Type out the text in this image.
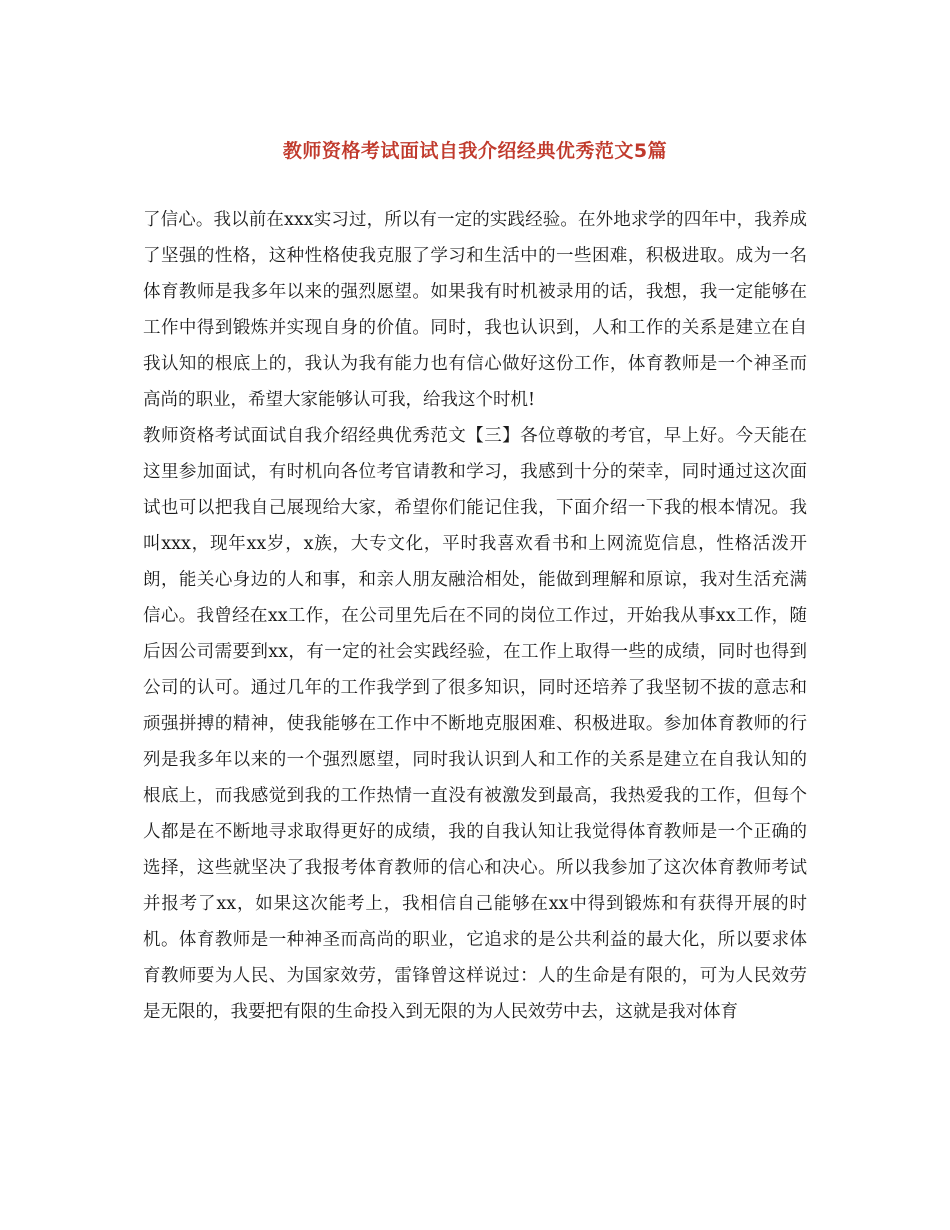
教师资格考试面试自我介绍经典优秀范文5篇

了信心。我以前在xxx实习过，所以有一定的实践经验。在外地求学的四年中，我养成了坚强的性格，这种性格使我克服了学习和生活中的一些困难，积极进取。成为一名体育教师是我多年以来的强烈愿望。如果我有时机被录用的话，我想，我一定能够在工作中得到锻炼并实现自身的价值。同时，我也认识到，人和工作的关系是建立在自我认知的根底上的，我认为我有能力也有信心做好这份工作，体育教师是一个神圣而高尚的职业，希望大家能够认可我，给我这个时机!
教师资格考试面试自我介绍经典优秀范文【三】各位尊敬的考官，早上好。今天能在这里参加面试，有时机向各位考官请教和学习，我感到十分的荣幸，同时通过这次面试也可以把我自己展现给大家，希望你们能记住我，下面介绍一下我的根本情况。我叫xxx，现年xx岁，x族，大专文化，平时我喜欢看书和上网流览信息，性格活泼开朗，能关心身边的人和事，和亲人朋友融洽相处，能做到理解和原谅，我对生活充满信心。我曾经在xx工作，在公司里先后在不同的岗位工作过，开始我从事xx工作，随后因公司需要到xx，有一定的社会实践经验，在工作上取得一些的成绩，同时也得到公司的认可。通过几年的工作我学到了很多知识，同时还培养了我坚韧不拔的意志和顽强拼搏的精神，使我能够在工作中不断地克服困难、积极进取。参加体育教师的行列是我多年以来的一个强烈愿望，同时我认识到人和工作的关系是建立在自我认知的根底上，而我感觉到我的工作热情一直没有被激发到最高，我热爱我的工作，但每个人都是在不断地寻求取得更好的成绩，我的自我认知让我觉得体育教师是一个正确的选择，这些就坚决了我报考体育教师的信心和决心。所以我参加了这次体育教师考试并报考了xx，如果这次能考上，我相信自己能够在xx中得到锻炼和有获得开展的时机。体育教师是一种神圣而高尚的职业，它追求的是公共利益的最大化，所以要求体育教师要为人民、为国家效劳，雷锋曾这样说过：人的生命是有限的，可为人民效劳是无限的，我要把有限的生命投入到无限的为人民效劳中去，这就是我对体育
